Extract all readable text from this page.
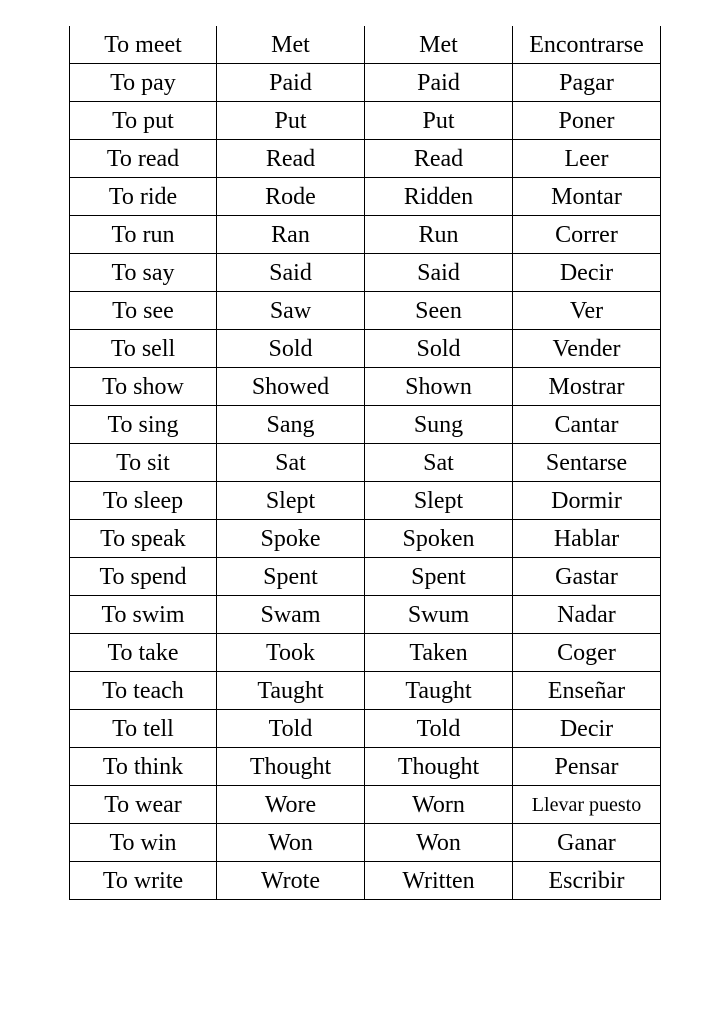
To meet	Met	Met	Encontrarse
To pay	Paid	Paid	Pagar
To put	Put	Put	Poner
To read	Read	Read	Leer
To ride	Rode	Ridden	Montar
To run	Ran	Run	Correr
To say	Said	Said	Decir
To see	Saw	Seen	Ver
To sell	Sold	Sold	Vender
To show	Showed	Shown	Mostrar
To sing	Sang	Sung	Cantar
To sit	Sat	Sat	Sentarse
To sleep	Slept	Slept	Dormir
To speak	Spoke	Spoken	Hablar
To spend	Spent	Spent	Gastar
To swim	Swam	Swum	Nadar
To take	Took	Taken	Coger
To teach	Taught	Taught	Enseñar
To tell	Told	Told	Decir
To think	Thought	Thought	Pensar
To wear	Wore	Worn	Llevar puesto
To win	Won	Won	Ganar
To write	Wrote	Written	Escribir
